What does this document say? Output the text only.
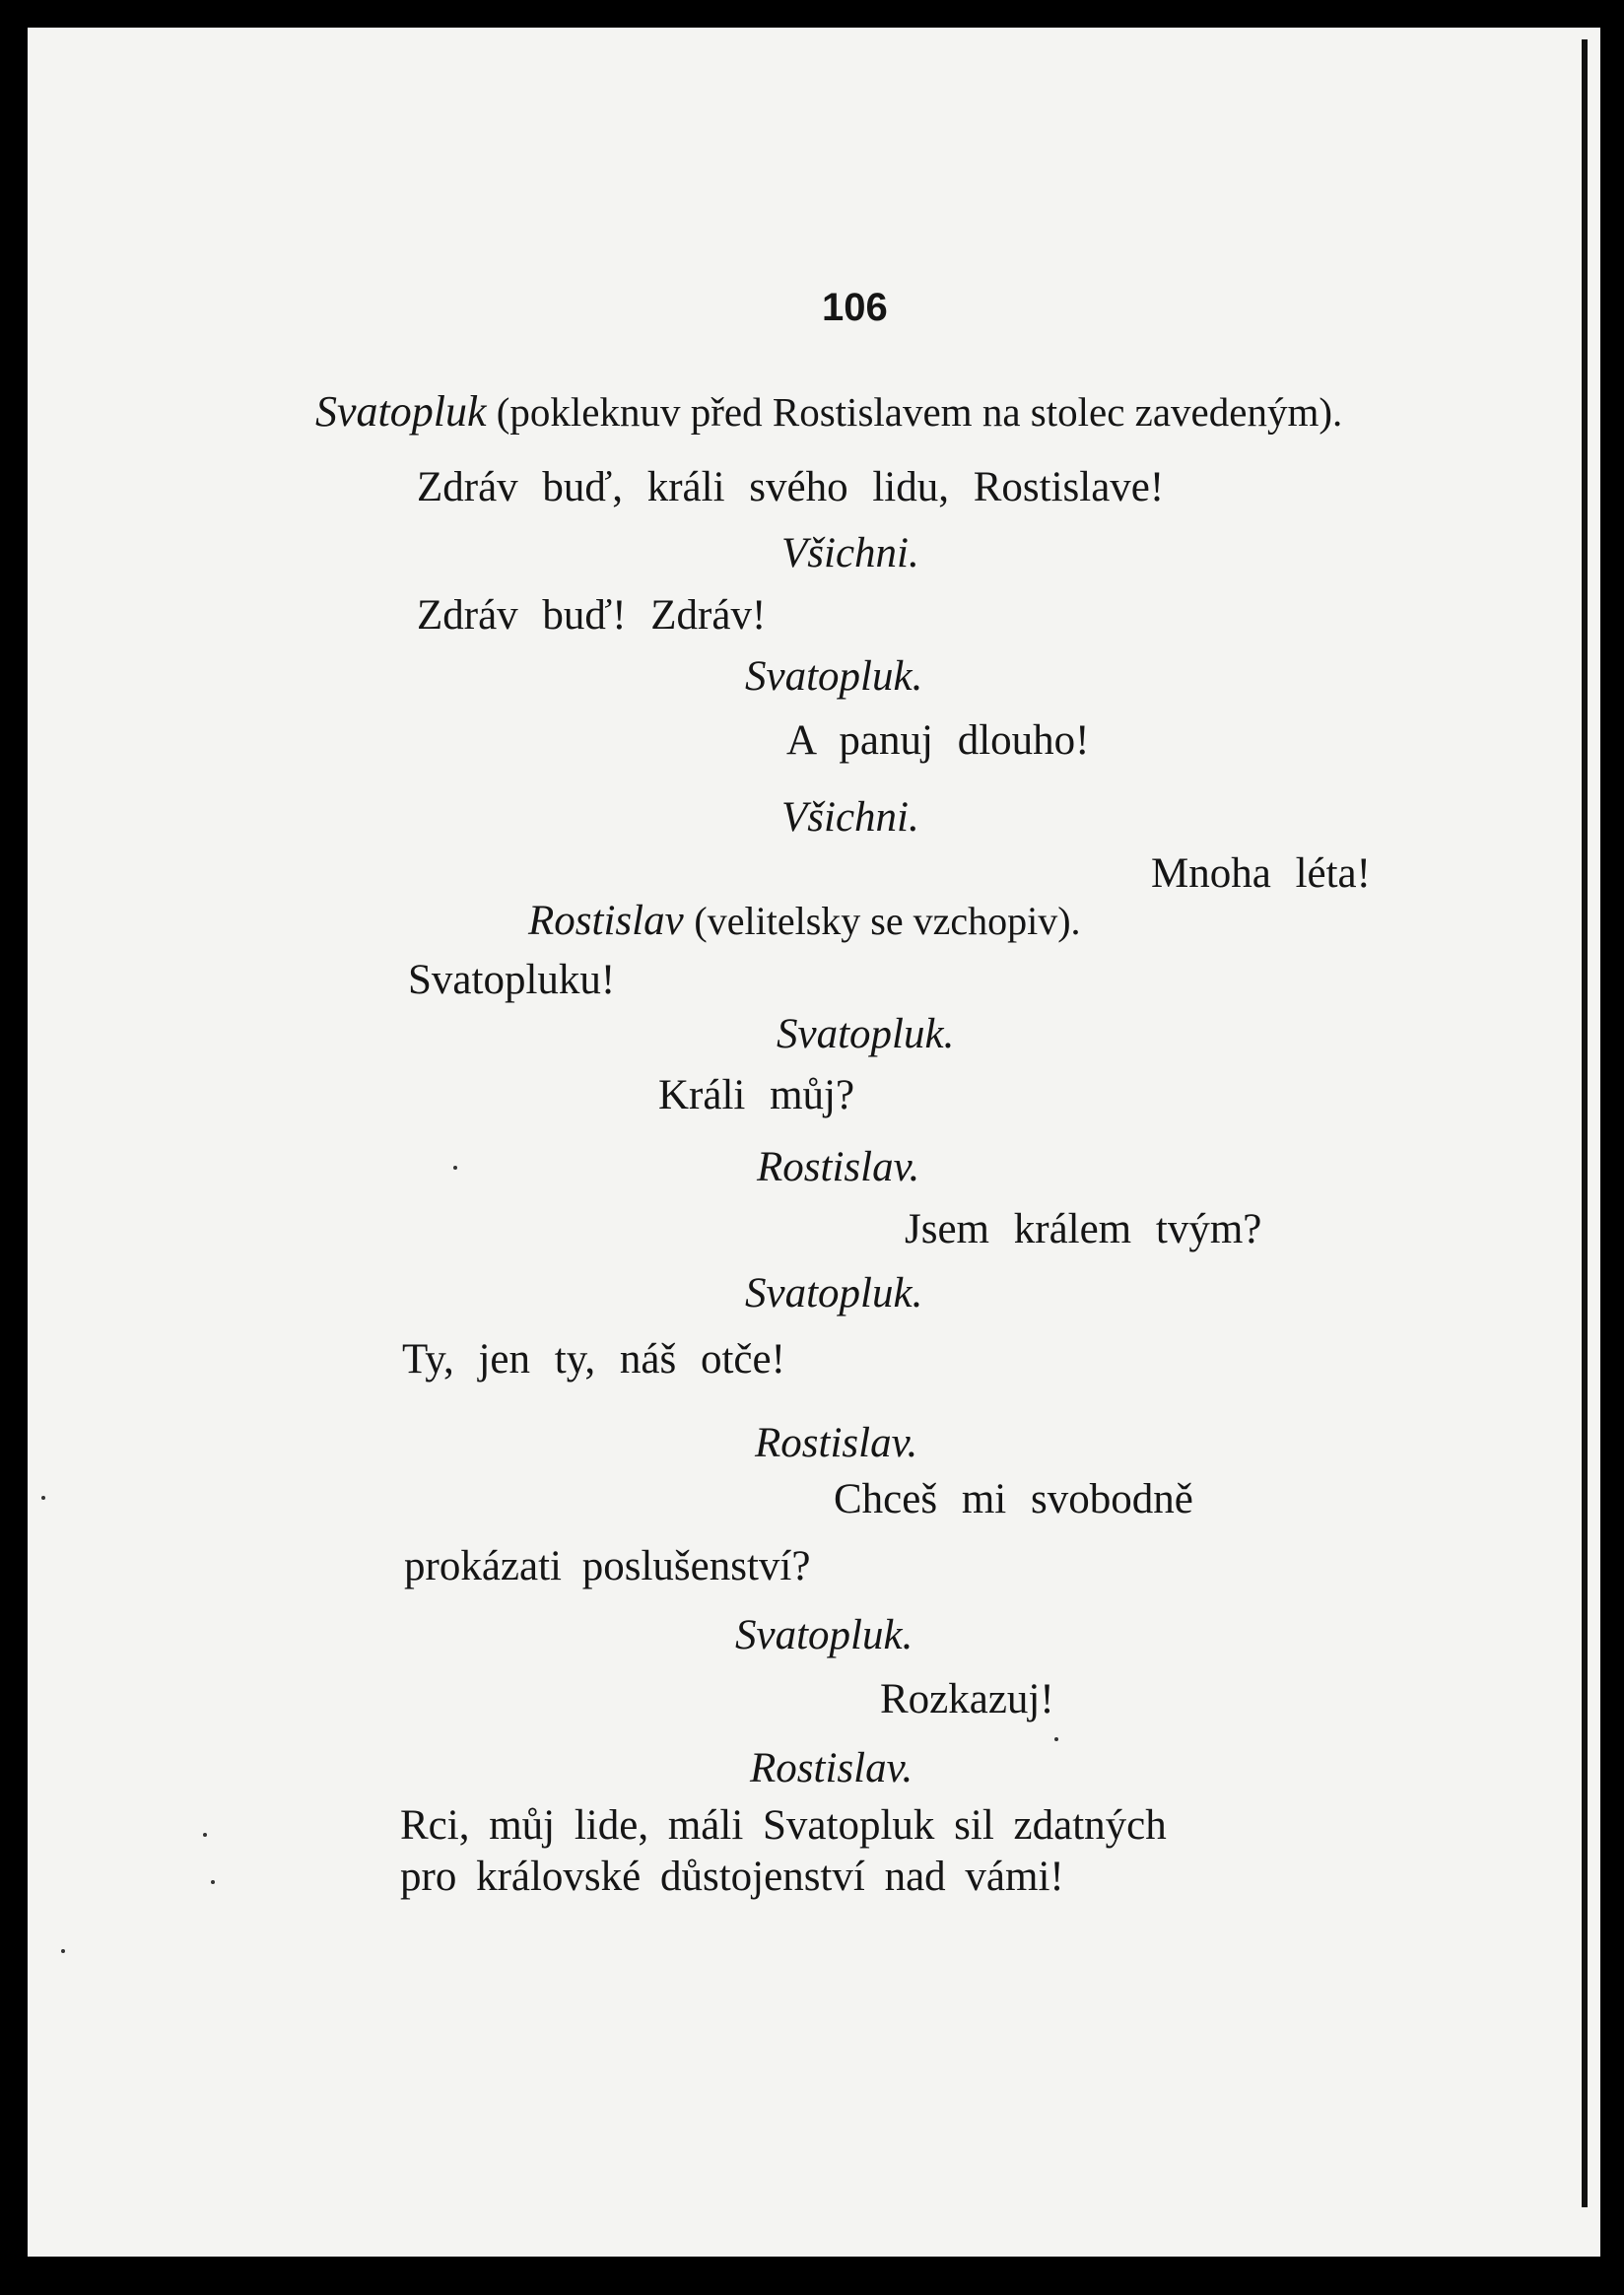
106
Svatopluk (pokleknuv před Rostislavem na stolec zavedeným).
Zdráv buď, králi svého lidu, Rostislave!
Všichni.
Zdráv buď! Zdráv!
Svatopluk.
A panuj dlouho!
Všichni.
Mnoha léta!
Rostislav (velitelsky se vzchopiv).
Svatopluku!
Svatopluk.
Králi můj?
Rostislav.
Jsem králem tvým?
Svatopluk.
Ty, jen ty, náš otče!
Rostislav.
Chceš mi svobodně
prokázati poslušenství?
Svatopluk.
Rozkazuj!
Rostislav.
Rci, můj lide, máli Svatopluk sil zdatných
pro královské důstojenství nad vámi!
